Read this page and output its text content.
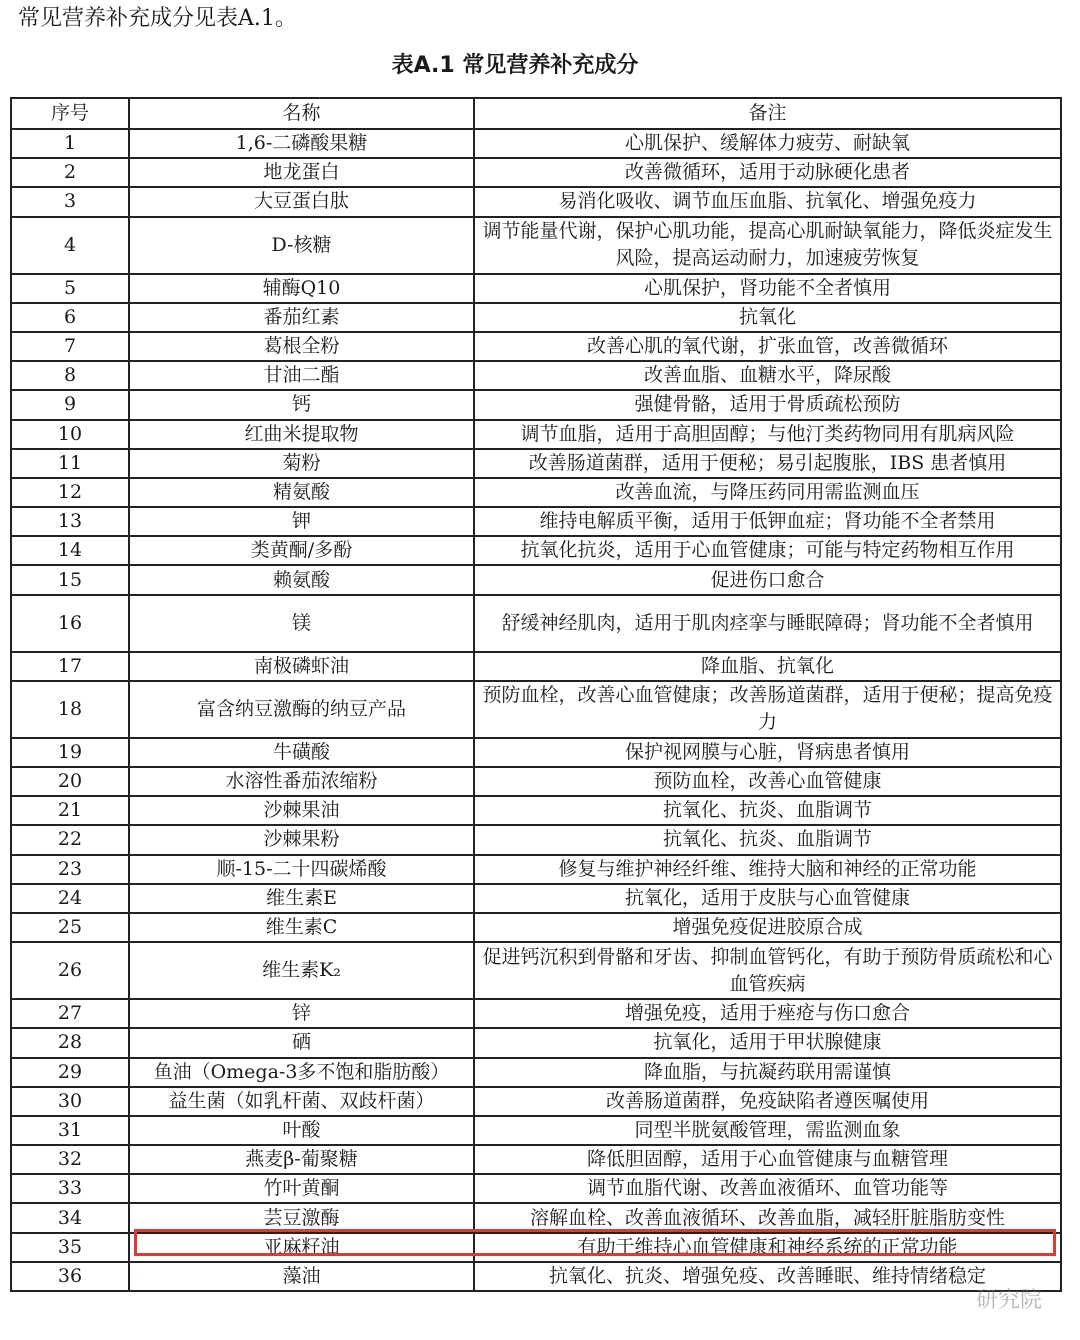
常见营养补充成分见表A.1。
表A.1 常见营养补充成分
序号	名称	备注
1	1,6-二磷酸果糖	心肌保护、缓解体力疲劳、耐缺氧
2	地龙蛋白	改善微循环，适用于动脉硬化患者
3	大豆蛋白肽	易消化吸收、调节血压血脂、抗氧化、增强免疫力
4	D-核糖	调节能量代谢，保护心肌功能，提高心肌耐缺氧能力，降低炎症发生风险，提高运动耐力，加速疲劳恢复
5	辅酶Q10	心肌保护，肾功能不全者慎用
6	番茄红素	抗氧化
7	葛根全粉	改善心肌的氧代谢，扩张血管，改善微循环
8	甘油二酯	改善血脂、血糖水平，降尿酸
9	钙	强健骨骼，适用于骨质疏松预防
10	红曲米提取物	调节血脂，适用于高胆固醇；与他汀类药物同用有肌病风险
11	菊粉	改善肠道菌群，适用于便秘；易引起腹胀，IBS 患者慎用
12	精氨酸	改善血流，与降压药同用需监测血压
13	钾	维持电解质平衡，适用于低钾血症；肾功能不全者禁用
14	类黄酮/多酚	抗氧化抗炎，适用于心血管健康；可能与特定药物相互作用
15	赖氨酸	促进伤口愈合
16	镁	舒缓神经肌肉，适用于肌肉痉挛与睡眠障碍；肾功能不全者慎用
17	南极磷虾油	降血脂、抗氧化
18	富含纳豆激酶的纳豆产品	预防血栓，改善心血管健康；改善肠道菌群，适用于便秘；提高免疫力
19	牛磺酸	保护视网膜与心脏，肾病患者慎用
20	水溶性番茄浓缩粉	预防血栓，改善心血管健康
21	沙棘果油	抗氧化、抗炎、血脂调节
22	沙棘果粉	抗氧化、抗炎、血脂调节
23	顺-15-二十四碳烯酸	修复与维护神经纤维、维持大脑和神经的正常功能
24	维生素E	抗氧化，适用于皮肤与心血管健康
25	维生素C	增强免疫促进胶原合成
26	维生素K₂	促进钙沉积到骨骼和牙齿、抑制血管钙化，有助于预防骨质疏松和心血管疾病
27	锌	增强免疫，适用于痤疮与伤口愈合
28	硒	抗氧化，适用于甲状腺健康
29	鱼油（Omega-3多不饱和脂肪酸）	降血脂，与抗凝药联用需谨慎
30	益生菌（如乳杆菌、双歧杆菌）	改善肠道菌群，免疫缺陷者遵医嘱使用
31	叶酸	同型半胱氨酸管理，需监测血象
32	燕麦β-葡聚糖	降低胆固醇，适用于心血管健康与血糖管理
33	竹叶黄酮	调节血脂代谢、改善血液循环、血管功能等
34	芸豆激酶	溶解血栓、改善血液循环、改善血脂，减轻肝脏脂肪变性
35	亚麻籽油	有助于维持心血管健康和神经系统的正常功能
36	藻油	抗氧化、抗炎、增强免疫、改善睡眠、维持情绪稳定
研究院
